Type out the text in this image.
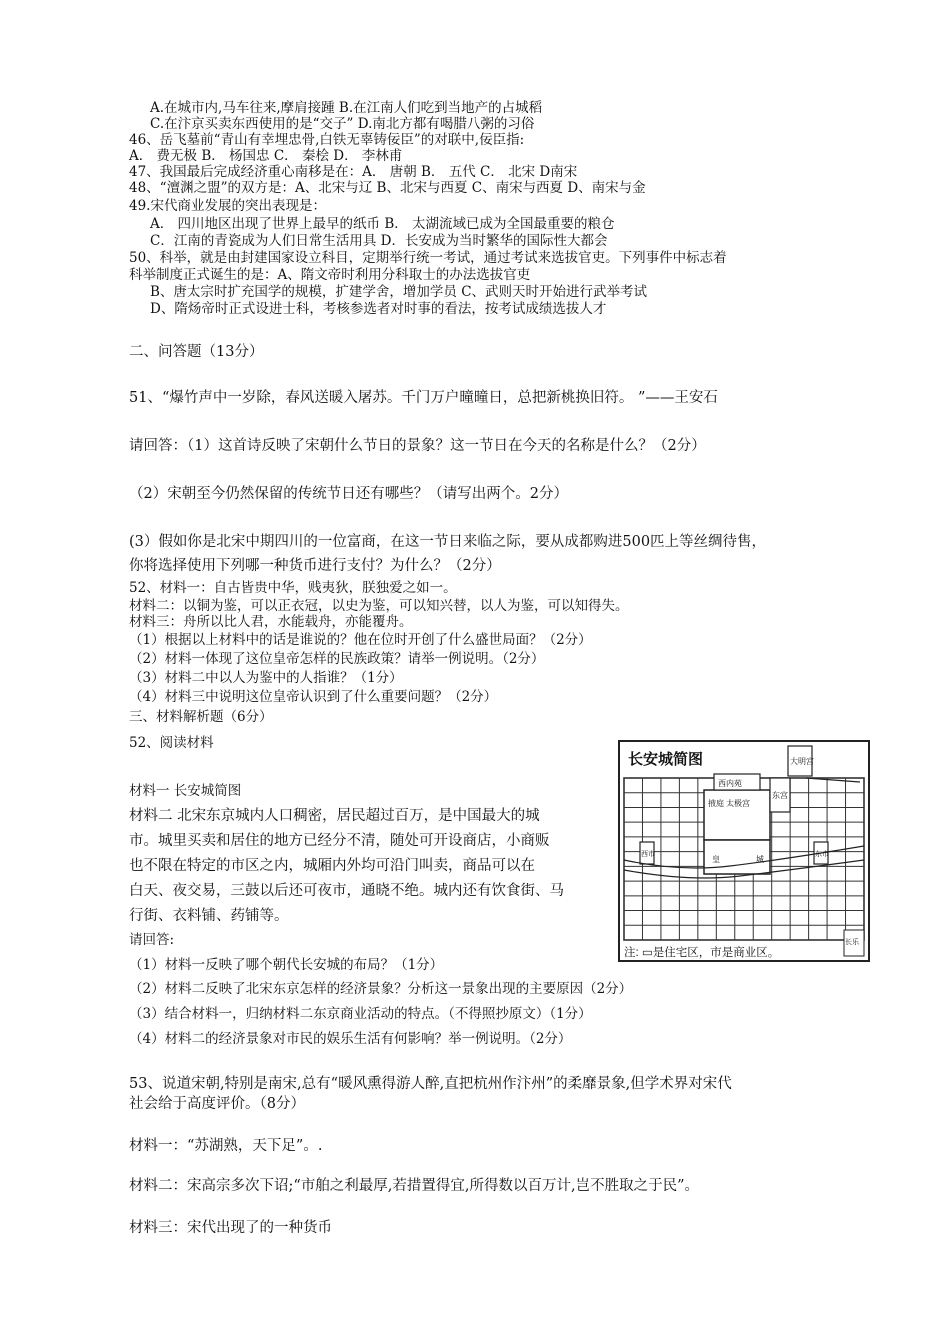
A.在城市内,马车往来,摩肩接踵 B.在江南人们吃到当地产的占城稻
C.在汴京买卖东西使用的是“交子” D.南北方都有喝腊八粥的习俗
46、岳飞墓前“青山有幸埋忠骨,白铁无辜铸佞臣”的对联中,佞臣指:
A． 费无极 B． 杨国忠 C． 秦桧 D． 李林甫
47、我国最后完成经济重心南移是在：A． 唐朝 B． 五代 C． 北宋 D南宋
48、“澶渊之盟”的双方是：A、北宋与辽 B、北宋与西夏 C、南宋与西夏 D、南宋与金
49.宋代商业发展的突出表现是：
A． 四川地区出现了世界上最早的纸币 B． 太湖流域已成为全国最重要的粮仓
C．江南的青瓷成为人们日常生活用具 D．长安成为当时繁华的国际性大都会
50、科举，就是由封建国家设立科目，定期举行统一考试，通过考试来选拔官吏。下列事件中标志着
科举制度正式诞生的是：A、隋文帝时利用分科取士的办法选拔官吏
B、唐太宗时扩充国学的规模，扩建学舍，增加学员 C、武则天时开始进行武举考试
D、隋炀帝时正式设进士科，考核参选者对时事的看法，按考试成绩选拔人才
二、问答题（13分）
51、“爆竹声中一岁除，春风送暖入屠苏。千门万户曈曈日，总把新桃换旧符。 ”——王安石
请回答：（1）这首诗反映了宋朝什么节日的景象？这一节日在今天的名称是什么？（2分）
（2）宋朝至今仍然保留的传统节日还有哪些？（请写出两个。2分）
(3）假如你是北宋中期四川的一位富商，在这一节日来临之际，要从成都购进500匹上等丝绸待售，
你将选择使用下列哪一种货币进行支付？为什么？（2分）
52、材料一：自古皆贵中华，贱夷狄，朕独爱之如一。
材料二：以铜为鉴，可以正衣冠，以史为鉴，可以知兴替，以人为鉴，可以知得失。
材料三：舟所以比人君，水能载舟，亦能覆舟。
（1）根据以上材料中的话是谁说的？他在位时开创了什么盛世局面？（2分）
（2）材料一体现了这位皇帝怎样的民族政策？请举一例说明。（2分）
（3）材料二中以人为鉴中的人指谁？（1分）
（4）材料三中说明这位皇帝认识到了什么重要问题？（2分）
三、材料解析题（6分）
52、阅读材料
材料一 长安城简图
材料二 北宋东京城内人口稠密，居民超过百万，是中国最大的城
市。城里买卖和居住的地方已经分不清，随处可开设商店，小商贩
也不限在特定的市区之内，城厢内外均可沿门叫卖，商品可以在
白天、夜交易，三鼓以后还可夜市，通晓不绝。城内还有饮食街、马
行街、衣料铺、药铺等。
请回答:
（1）材料一反映了哪个朝代长安城的布局？（1分）
（2）材料二反映了北宋东京怎样的经济景象？分析这一景象出现的主要原因（2分）
（3）结合材料一，归纳材料二东京商业活动的特点。（不得照抄原文）（1分）
（4）材料二的经济景象对市民的娱乐生活有何影响？举一例说明。（2分）
长安城简图	大明宫
西内苑
掖庭 太极宫
东宫
皇	城
西市	东市
长乐
注: ▭是住宅区，市是商业区。
53、说道宋朝,特别是南宋,总有“暖风熏得游人醉,直把杭州作汴州”的柔靡景象,但学术界对宋代
社会给于高度评价。（8分）
材料一：“苏湖熟，天下足”。.
材料二：宋高宗多次下诏;“市舶之利最厚,若措置得宜,所得数以百万计,岂不胜取之于民”。
材料三：宋代出现了的一种货币
